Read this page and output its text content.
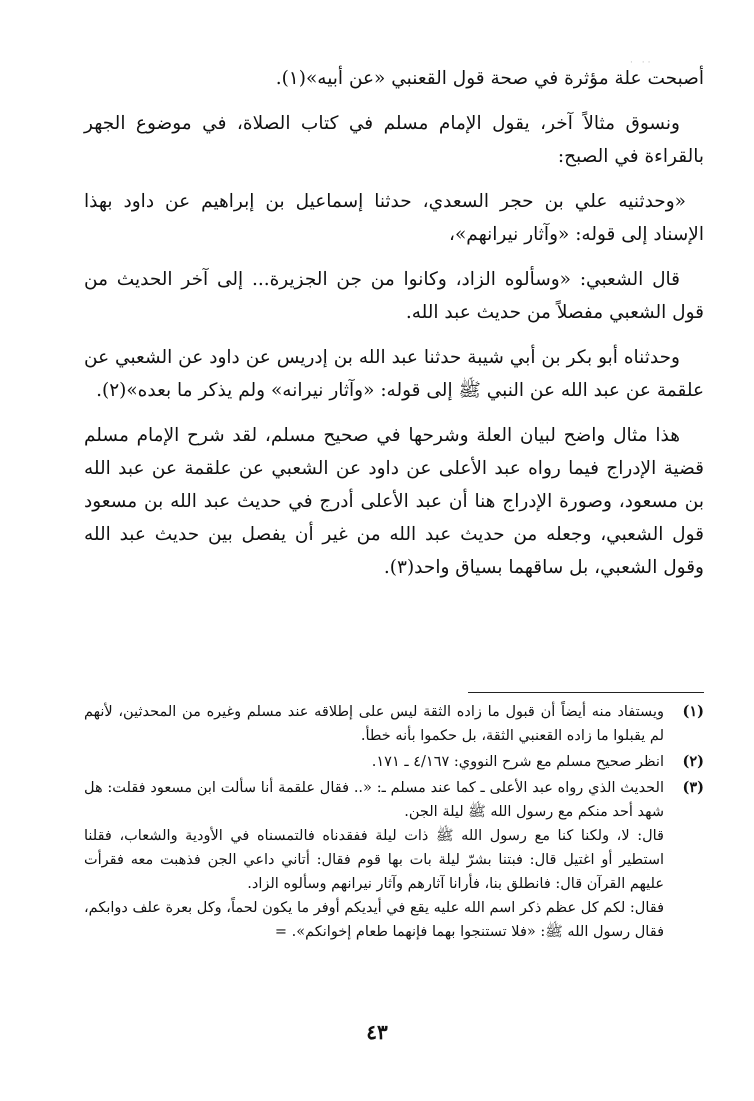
·· ·

أصبحت علة مؤثرة في صحة قول القعنبي «عن أبيه»(١).

ونسوق مثالاً آخر، يقول الإمام مسلم في كتاب الصلاة، في موضوع الجهر بالقراءة في الصبح:

«وحدثنيه علي بن حجر السعدي، حدثنا إسماعيل بن إبراهيم عن داود بهذا الإسناد إلى قوله: «وآثار نيرانهم»،

قال الشعبي: «وسألوه الزاد، وكانوا من جن الجزيرة... إلى آخر الحديث من قول الشعبي مفصلاً من حديث عبد الله.

وحدثناه أبو بكر بن أبي شيبة حدثنا عبد الله بن إدريس عن داود عن الشعبي عن علقمة عن عبد الله عن النبي ﷺ إلى قوله: «وآثار نيرانه» ولم يذكر ما بعده»(٢).

هذا مثال واضح لبيان العلة وشرحها في صحيح مسلم، لقد شرح الإمام مسلم قضية الإدراج فيما رواه عبد الأعلى عن داود عن الشعبي عن علقمة عن عبد الله بن مسعود، وصورة الإدراج هنا أن عبد الأعلى أدرج في حديث عبد الله بن مسعود قول الشعبي، وجعله من حديث عبد الله من غير أن يفصل بين حديث عبد الله وقول الشعبي، بل ساقهما بسياق واحد(٣).

(١)

ويستفاد منه أيضاً أن قبول ما زاده الثقة ليس على إطلاقه عند مسلم وغيره من المحدثين، لأنهم لم يقبلوا ما زاده القعنبي الثقة، بل حكموا بأنه خطأ.

(٢)

انظر صحيح مسلم مع شرح النووي: ٤/١٦٧ ـ ١٧١.

(٣)

الحديث الذي رواه عبد الأعلى ـ كما عند مسلم ـ: «.. فقال علقمة أنا سألت ابن مسعود فقلت: هل شهد أحد منكم مع رسول الله ﷺ ليلة الجن.

قال: لا، ولكنا كنا مع رسول الله ﷺ ذات ليلة ففقدناه فالتمسناه في الأودية والشعاب، فقلنا استطير أو اغتيل قال: فبتنا بشرّ ليلة بات بها قوم فقال: أتاني داعي الجن فذهبت معه فقرأت عليهم القرآن قال: فانطلق بنا، فأرانا آثارهم وآثار نيرانهم وسألوه الزاد.

فقال: لكم كل عظم ذكر اسم الله عليه يقع في أيديكم أوفر ما يكون لحماً، وكل بعرة علف دوابكم، فقال رسول الله ﷺ: «فلا تستنجوا بهما فإنهما طعام إخوانكم». =

٤٣
